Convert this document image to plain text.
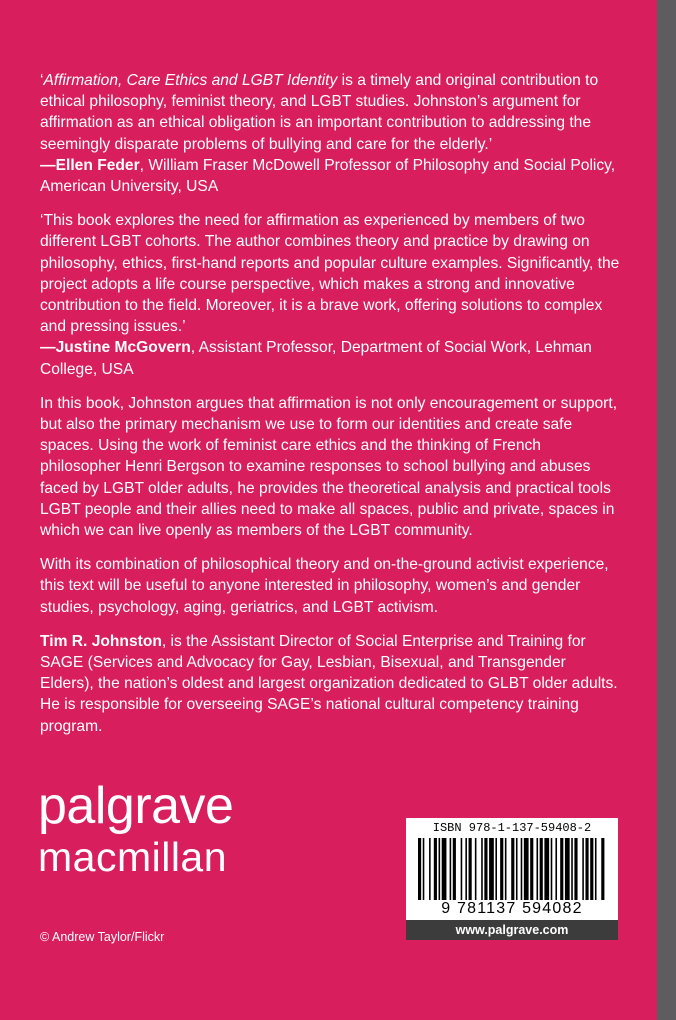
‘Affirmation, Care Ethics and LGBT Identity is a timely and original contribution to ethical philosophy, feminist theory, and LGBT studies. Johnston’s argument for affirmation as an ethical obligation is an important contribution to addressing the seemingly disparate problems of bullying and care for the elderly.’
—Ellen Feder, William Fraser McDowell Professor of Philosophy and Social Policy, American University, USA

‘This book explores the need for affirmation as experienced by members of two different LGBT cohorts. The author combines theory and practice by drawing on philosophy, ethics, first-hand reports and popular culture examples. Significantly, the project adopts a life course perspective, which makes a strong and innovative contribution to the field. Moreover, it is a brave work, offering solutions to complex and pressing issues.’
—Justine McGovern, Assistant Professor, Department of Social Work, Lehman College, USA

In this book, Johnston argues that affirmation is not only encouragement or support, but also the primary mechanism we use to form our identities and create safe spaces. Using the work of feminist care ethics and the thinking of French philosopher Henri Bergson to examine responses to school bullying and abuses faced by LGBT older adults, he provides the theoretical analysis and practical tools LGBT people and their allies need to make all spaces, public and private, spaces in which we can live openly as members of the LGBT community.

With its combination of philosophical theory and on-the-ground activist experience, this text will be useful to anyone interested in philosophy, women’s and gender studies, psychology, aging, geriatrics, and LGBT activism.

Tim R. Johnston, is the Assistant Director of Social Enterprise and Training for SAGE (Services and Advocacy for Gay, Lesbian, Bisexual, and Transgender Elders), the nation’s oldest and largest organization dedicated to GLBT older adults. He is responsible for overseeing SAGE’s national cultural competency training program.

palgrave
macmillan
© Andrew Taylor/Flickr
ISBN 978-1-137-59408-2
9 781137 594082
www.palgrave.com
